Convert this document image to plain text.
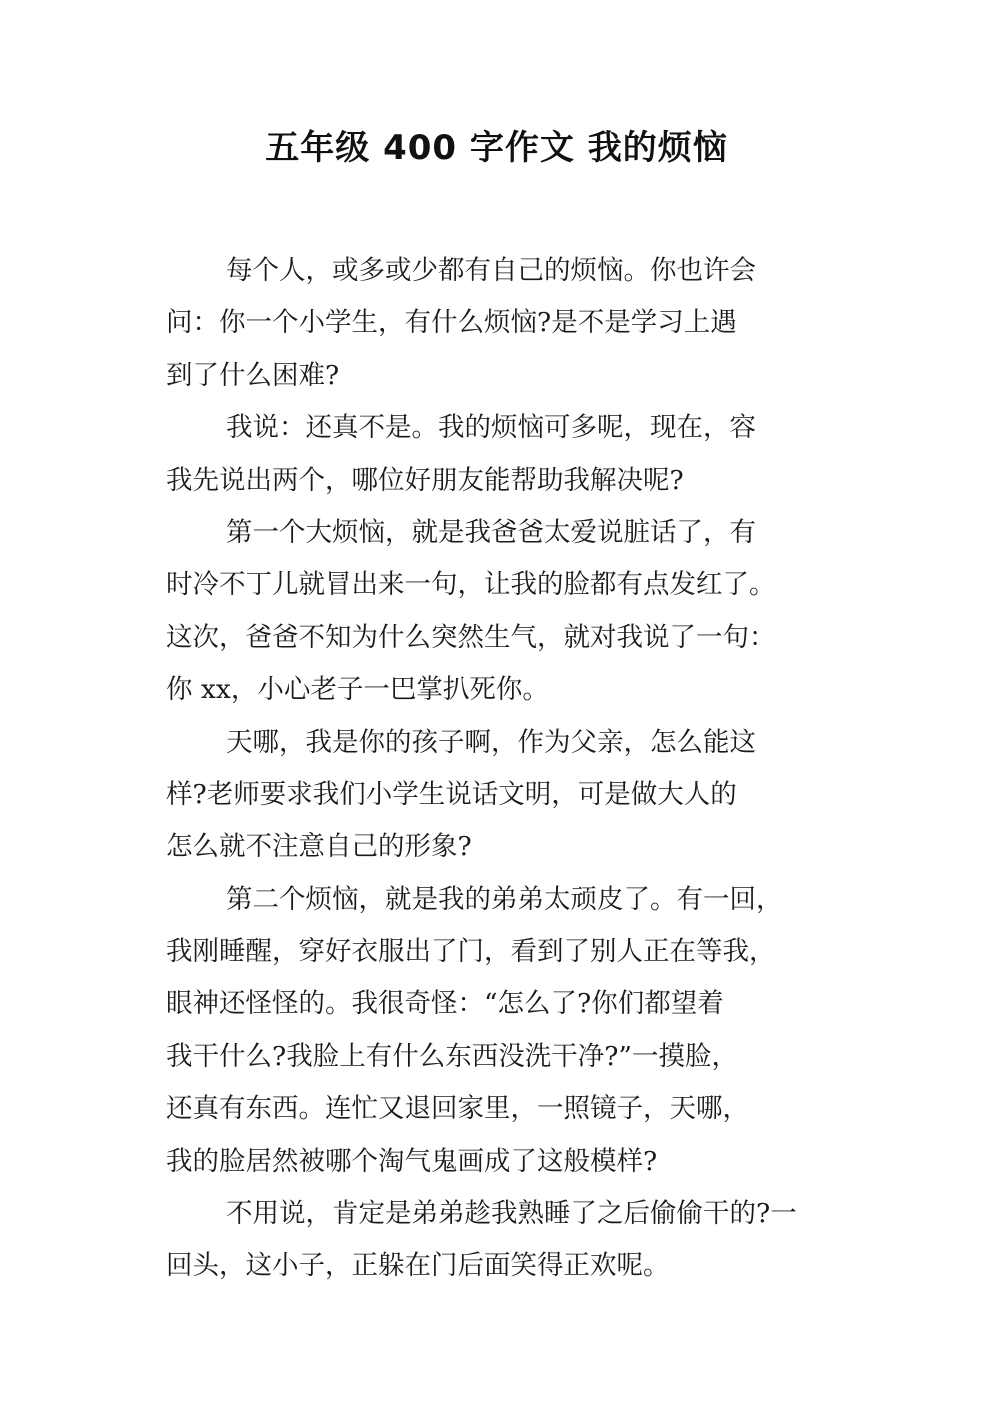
五年级 400 字作文 我的烦恼
每个人，或多或少都有自己的烦恼。你也许会
问：你一个小学生，有什么烦恼?是不是学习上遇
到了什么困难?
我说：还真不是。我的烦恼可多呢，现在，容
我先说出两个，哪位好朋友能帮助我解决呢?
第一个大烦恼，就是我爸爸太爱说脏话了，有
时冷不丁儿就冒出来一句，让我的脸都有点发红了。
这次，爸爸不知为什么突然生气，就对我说了一句：
你 xx，小心老子一巴掌扒死你。
天哪，我是你的孩子啊，作为父亲，怎么能这
样?老师要求我们小学生说话文明，可是做大人的
怎么就不注意自己的形象?
第二个烦恼，就是我的弟弟太顽皮了。有一回，
我刚睡醒，穿好衣服出了门，看到了别人正在等我，
眼神还怪怪的。我很奇怪：“怎么了?你们都望着
我干什么?我脸上有什么东西没洗干净?”一摸脸，
还真有东西。连忙又退回家里，一照镜子，天哪，
我的脸居然被哪个淘气鬼画成了这般模样?
不用说，肯定是弟弟趁我熟睡了之后偷偷干的?一
回头，这小子，正躲在门后面笑得正欢呢。
